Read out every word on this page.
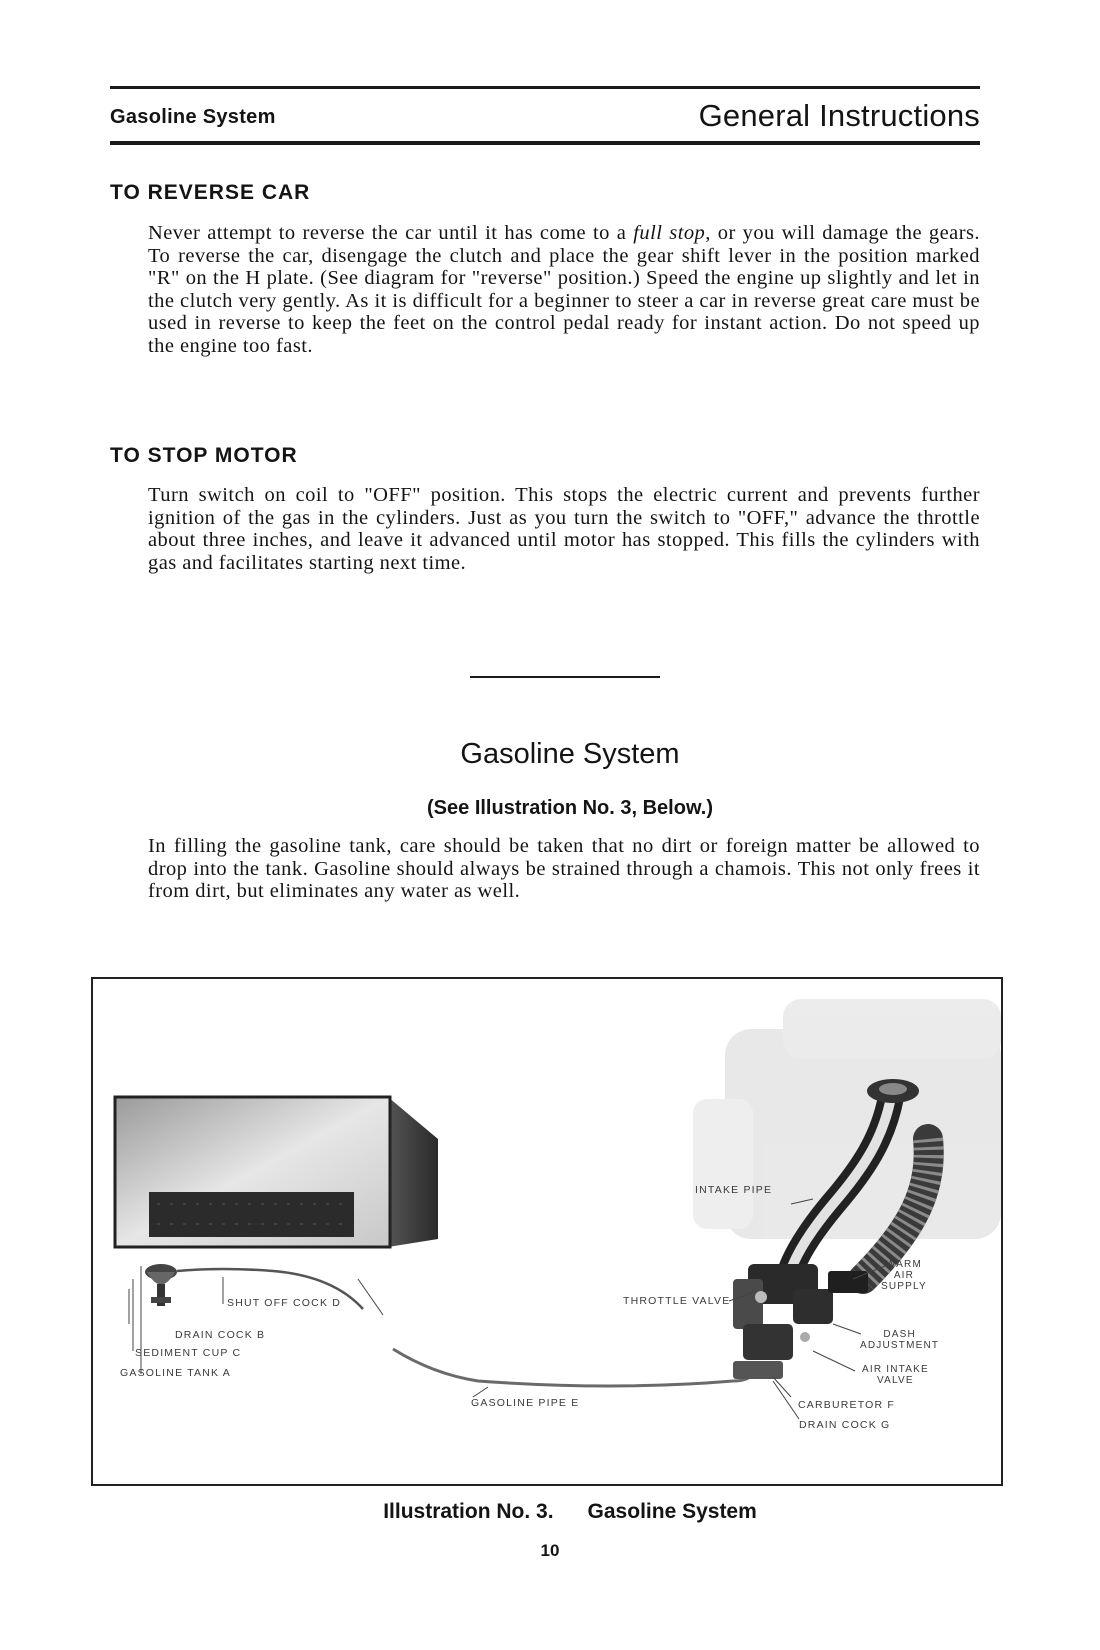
Gasoline System	General Instructions
TO REVERSE CAR

Never attempt to reverse the car until it has come to a full stop, or you will damage the gears. To reverse the car, disengage the clutch and place the gear shift lever in the position marked "R" on the H plate. (See diagram for "reverse" position.) Speed the engine up slightly and let in the clutch very gently. As it is difficult for a beginner to steer a car in reverse great care must be used in reverse to keep the feet on the control pedal ready for instant action. Do not speed up the engine too fast.

TO STOP MOTOR

Turn switch on coil to "OFF" position. This stops the electric current and prevents further ignition of the gas in the cylinders. Just as you turn the switch to "OFF," advance the throttle about three inches, and leave it advanced until motor has stopped. This fills the cylinders with gas and facilitates starting next time.

Gasoline System
(See Illustration No. 3, Below.)

In filling the gasoline tank, care should be taken that no dirt or foreign matter be allowed to drop into the tank. Gasoline should always be strained through a chamois. This not only frees it from dirt, but eliminates any water as well.

INTAKE PIPE
WARM
AIR
SUPPLY
THROTTLE VALVE
SHUT OFF COCK D
DRAIN COCK B
SEDIMENT CUP C
GASOLINE TANK A
DASH
ADJUSTMENT
AIR INTAKE
VALVE
GASOLINE PIPE E	CARBURETOR F
DRAIN COCK G
Illustration No. 3. Gasoline System
10
